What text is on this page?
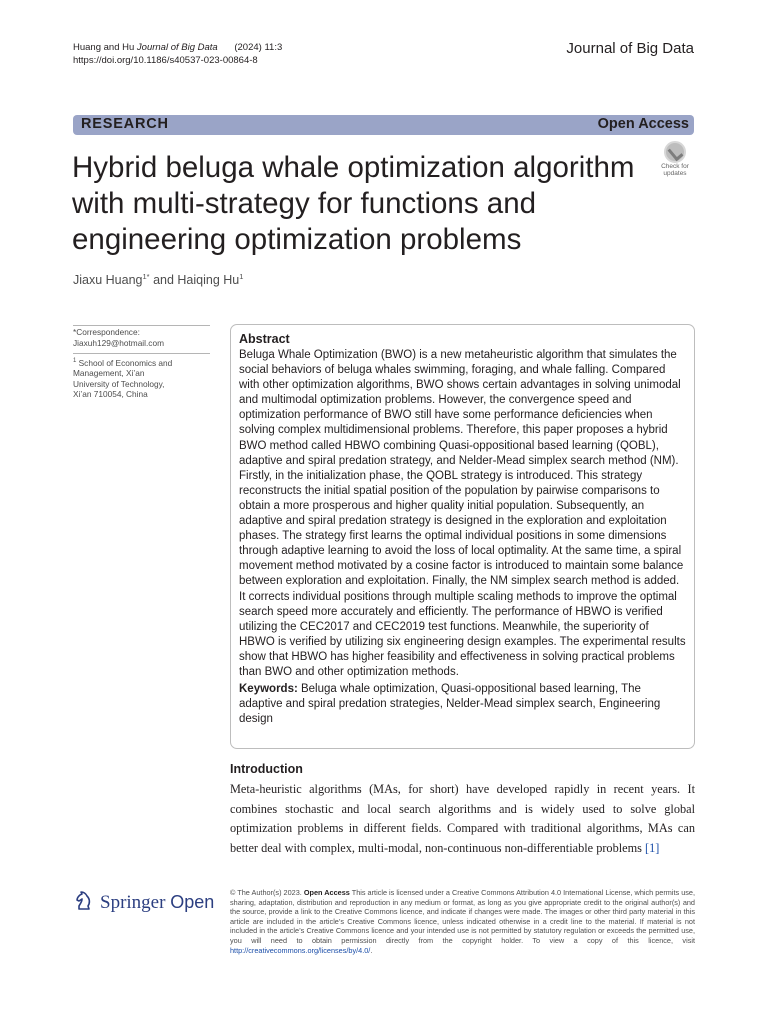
Huang and Hu Journal of Big Data (2024) 11:3
https://doi.org/10.1186/s40537-023-00864-8
Journal of Big Data
RESEARCH	Open Access
Hybrid beluga whale optimization algorithm with multi-strategy for functions and engineering optimization problems
Check for
updates
Jiaxu Huang$^{1*}$ and Haiqing Hu$^1$
*Correspondence:
Jiaxuh129@hotmail.com
$^1$ School of Economics and Management, Xi’an University of Technology, Xi’an 710054, China
Abstract

Beluga Whale Optimization (BWO) is a new metaheuristic algorithm that simulates the social behaviors of beluga whales swimming, foraging, and whale falling. Compared with other optimization algorithms, BWO shows certain advantages in solving unimodal and multimodal optimization problems. However, the convergence speed and optimization performance of BWO still have some performance deficiencies when solving complex multidimensional problems. Therefore, this paper proposes a hybrid BWO method called HBWO combining Quasi-oppositional based learning (QOBL), adaptive and spiral predation strategy, and Nelder-Mead simplex search method (NM). Firstly, in the initialization phase, the QOBL strategy is introduced. This strategy reconstructs the initial spatial position of the population by pairwise comparisons to obtain a more prosperous and higher quality initial population. Subsequently, an adaptive and spiral predation strategy is designed in the exploration and exploitation phases. The strategy first learns the optimal individual positions in some dimensions through adaptive learning to avoid the loss of local optimality. At the same time, a spiral movement method motivated by a cosine factor is introduced to maintain some balance between exploration and exploitation. Finally, the NM simplex search method is added. It corrects individual positions through multiple scaling methods to improve the optimal search speed more accurately and efficiently. The performance of HBWO is verified utilizing the CEC2017 and CEC2019 test functions. Meanwhile, the superiority of HBWO is verified by utilizing six engineering design examples. The experimental results show that HBWO has higher feasibility and effectiveness in solving practical problems than BWO and other optimization methods.

Keywords: Beluga whale optimization, Quasi-oppositional based learning, The adaptive and spiral predation strategies, Nelder-Mead simplex search, Engineering design

Introduction
Meta-heuristic algorithms (MAs, for short) have developed rapidly in recent years. It combines stochastic and local search algorithms and is widely used to solve global optimization problems in different fields. Compared with traditional algorithms, MAs can better deal with complex, multi-modal, non-continuous non-differentiable problems [1]
Springer Open © The Author(s) 2023. Open Access This article is licensed under a Creative Commons Attribution 4.0 International License, which permits use, sharing, adaptation, distribution and reproduction in any medium or format, as long as you give appropriate credit to the original author(s) and the source, provide a link to the Creative Commons licence, and indicate if changes were made. The images or other third party material in this article are included in the article’s Creative Commons licence, unless indicated otherwise in a credit line to the material. If material is not included in the article’s Creative Commons licence and your intended use is not permitted by statutory regulation or exceeds the permitted use, you will need to obtain permission directly from the copyright holder. To view a copy of this licence, visit http://creativecommons.org/licenses/by/4.0/.
